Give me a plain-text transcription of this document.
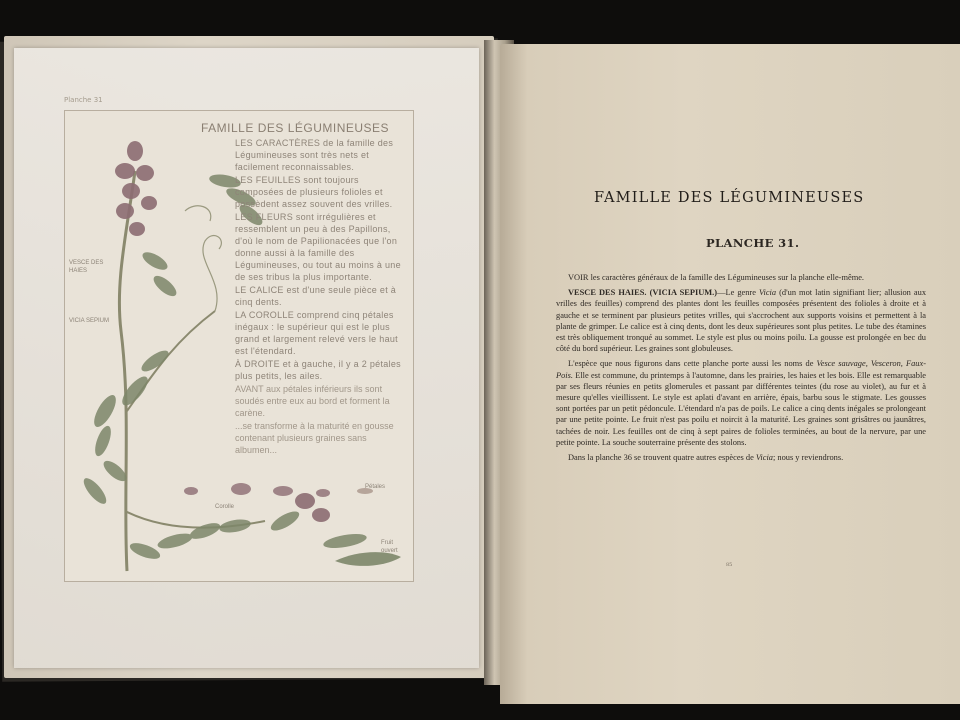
Planche 31
FAMILLE DES LÉGUMINEUSES

LES CARACTÈRES de la famille des Légumineuses sont très nets et facilement reconnaissables.

LES FEUILLES sont toujours composées de plusieurs folioles et possèdent assez souvent des vrilles.

LES FLEURS sont irrégulières et ressemblent un peu à des Papillons, d'où le nom de Papilionacées que l'on donne aussi à la famille des Légumineuses, ou tout au moins à une de ses tribus la plus importante.

LE CALICE est d'une seule pièce et à cinq dents.

LA COROLLE comprend cinq pétales inégaux : le supérieur qui est le plus grand et largement relevé vers le haut est l'étendard.

À DROITE et à gauche, il y a 2 pétales plus petits, les ailes.

AVANT aux pétales inférieurs ils sont soudés entre eux au bord et forment la carène.

...se transforme à la maturité en gousse contenant plusieurs graines sans albumen...

VESCE DES HAIES
VICIA SEPIUM
Corolle
Pétales
Fruit ouvert
FAMILLE DES LÉGUMINEUSES
PLANCHE 31.

VOIR les caractères généraux de la famille des Légumineuses sur la planche elle-même.

VESCE DES HAIES. (VICIA SEPIUM.)—Le genre Vicia (d'un mot latin signifiant lier; allusion aux vrilles des feuilles) comprend des plantes dont les feuilles composées présentent des folioles à droite et à gauche et se terminent par plusieurs petites vrilles, qui s'accrochent aux supports voisins et permettent à la plante de grimper. Le calice est à cinq dents, dont les deux supérieures sont plus petites. Le tube des étamines est très obliquement tronqué au sommet. Le style est plus ou moins poilu. La gousse est prolongée en bec du côté du bord supérieur. Les graines sont globuleuses.

L'espèce que nous figurons dans cette planche porte aussi les noms de Vesce sauvage, Vesceron, Faux-Pois. Elle est commune, du printemps à l'automne, dans les prairies, les haies et les bois. Elle est remarquable par ses fleurs réunies en petits glomerules et passant par différentes teintes (du rose au violet), au fur et à mesure qu'elles vieillissent. Le style est aplati d'avant en arrière, épais, barbu sous le stigmate. Les gousses sont portées par un petit pédoncule. L'étendard n'a pas de poils. Le calice a cinq dents inégales se prolongeant par une petite pointe. Le fruit n'est pas poilu et noircit à la maturité. Les graines sont grisâtres ou jaunâtres, tachées de noir. Les feuilles ont de cinq à sept paires de folioles terminées, au bout de la nervure, par une petite pointe. La souche souterraine présente des stolons.

Dans la planche 36 se trouvent quatre autres espèces de Vicia; nous y reviendrons.

85
